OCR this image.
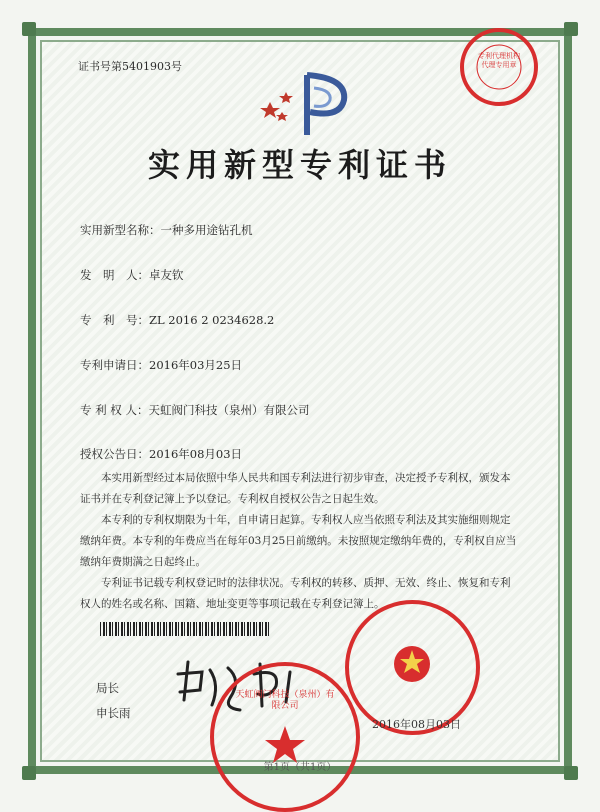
证书号第5401903号
专利代理机构代理专用章
实用新型专利证书
实用新型名称：一种多用途钻孔机
发　明　人：卓友钦
专　利　号：ZL 2016 2 0234628.2
专利申请日：2016年03月25日
专 利 权 人：天虹阀门科技（泉州）有限公司
授权公告日：2016年08月03日

本实用新型经过本局依照中华人民共和国专利法进行初步审查，决定授予专利权，颁发本证书并在专利登记簿上予以登记。专利权自授权公告之日起生效。

本专利的专利权期限为十年，自申请日起算。专利权人应当依照专利法及其实施细则规定缴纳年费。本专利的年费应当在每年03月25日前缴纳。未按照规定缴纳年费的，专利权自应当缴纳年费期满之日起终止。

专利证书记载专利权登记时的法律状况。专利权的转移、质押、无效、终止、恢复和专利权人的姓名或名称、国籍、地址变更等事项记载在专利登记簿上。

局长
申长雨
天虹阀门科技（泉州）有限公司
2016年08月03日
第1页（共1页）
